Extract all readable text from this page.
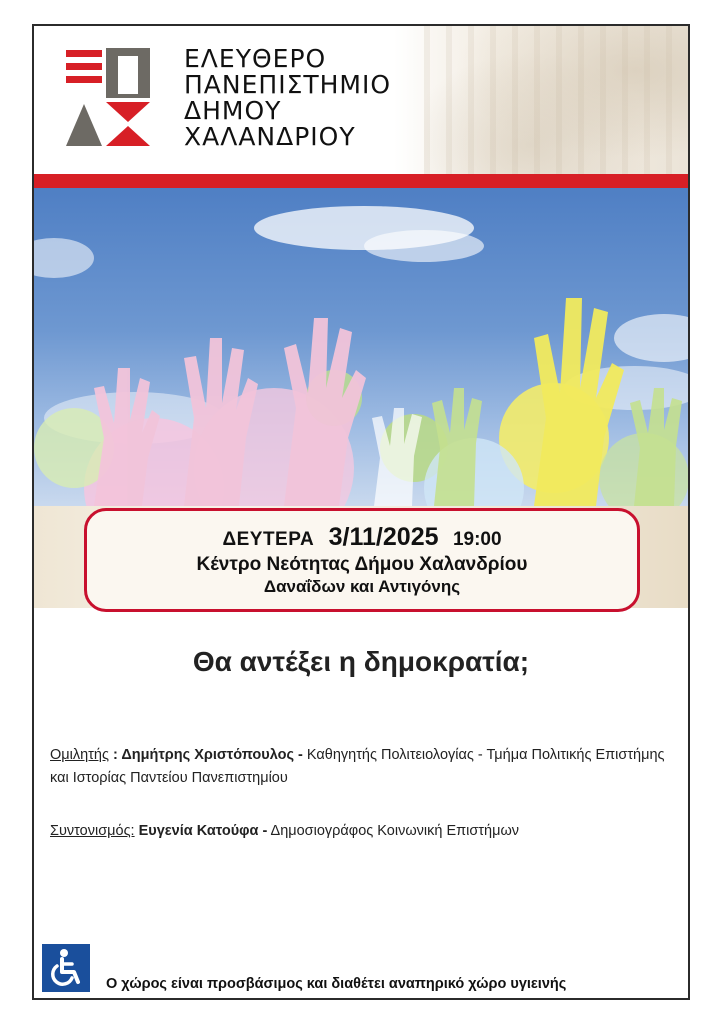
ΕΛΕΥΘΕΡΟ
ΠΑΝΕΠΙΣΤΗΜΙΟ
ΔΗΜΟΥ
ΧΑΛΑΝΔΡΙΟΥ
ΔΕΥΤΕΡΑ 3/11/2025 19:00
Κέντρο Νεότητας Δήμου Χαλανδρίου
Δαναΐδων και Αντιγόνης
Θα αντέξει η δημοκρατία;
Ομιλητής : Δημήτρης Χριστόπουλος - Καθηγητής Πολιτειολογίας - Τμήμα Πολιτικής Επιστήμης και Ιστορίας Παντείου Πανεπιστημίου
Συντονισμός: Ευγενία Κατούφα - Δημοσιογράφος Κοινωνική Επιστήμων
Ο χώρος είναι προσβάσιμος και διαθέτει αναπηρικό χώρο υγιεινής
